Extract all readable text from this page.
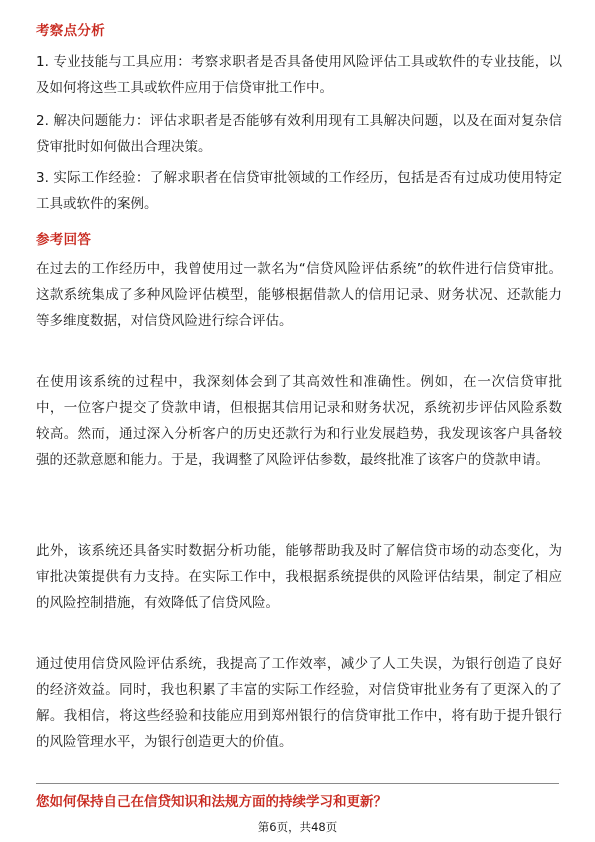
考察点分析
1. 专业技能与工具应用：考察求职者是否具备使用风险评估工具或软件的专业技能，以及如何将这些工具或软件应用于信贷审批工作中。
2. 解决问题能力：评估求职者是否能够有效利用现有工具解决问题，以及在面对复杂信贷审批时如何做出合理决策。
3. 实际工作经验：了解求职者在信贷审批领域的工作经历，包括是否有过成功使用特定工具或软件的案例。
参考回答
在过去的工作经历中，我曾使用过一款名为“信贷风险评估系统”的软件进行信贷审批。这款系统集成了多种风险评估模型，能够根据借款人的信用记录、财务状况、还款能力等多维度数据，对信贷风险进行综合评估。
在使用该系统的过程中，我深刻体会到了其高效性和准确性。例如，在一次信贷审批中，一位客户提交了贷款申请，但根据其信用记录和财务状况，系统初步评估风险系数较高。然而，通过深入分析客户的历史还款行为和行业发展趋势，我发现该客户具备较强的还款意愿和能力。于是，我调整了风险评估参数，最终批准了该客户的贷款申请。
此外，该系统还具备实时数据分析功能，能够帮助我及时了解信贷市场的动态变化，为审批决策提供有力支持。在实际工作中，我根据系统提供的风险评估结果，制定了相应的风险控制措施，有效降低了信贷风险。
通过使用信贷风险评估系统，我提高了工作效率，减少了人工失误，为银行创造了良好的经济效益。同时，我也积累了丰富的实际工作经验，对信贷审批业务有了更深入的了解。我相信，将这些经验和技能应用到郑州银行的信贷审批工作中，将有助于提升银行的风险管理水平，为银行创造更大的价值。
您如何保持自己在信贷知识和法规方面的持续学习和更新？
第6页，共48页
